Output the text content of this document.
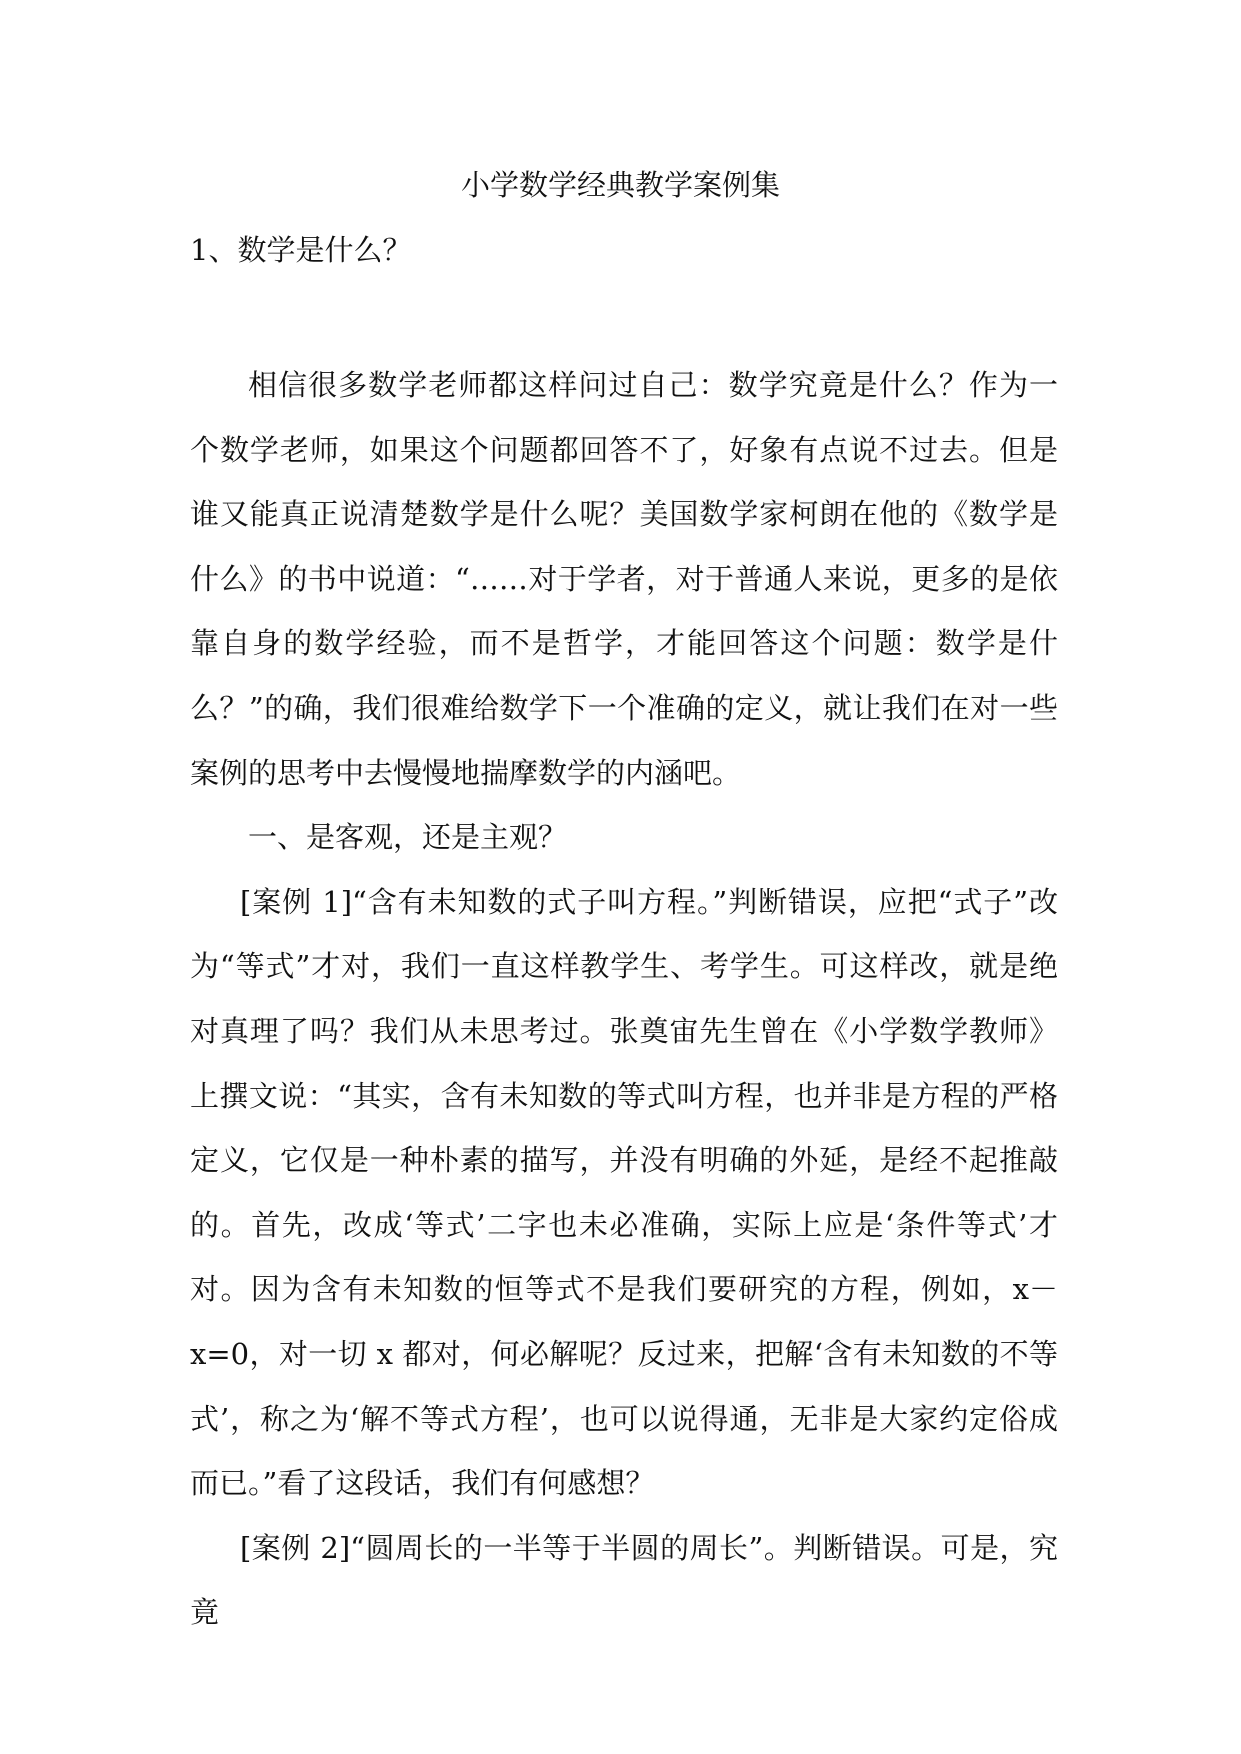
小学数学经典教学案例集
1、数学是什么？

相信很多数学老师都这样问过自己：数学究竟是什么？作为一个数学老师，如果这个问题都回答不了，好象有点说不过去。但是谁又能真正说清楚数学是什么呢？美国数学家柯朗在他的《数学是什么》的书中说道：“……对于学者，对于普通人来说，更多的是依靠自身的数学经验，而不是哲学，才能回答这个问题：数学是什么？”的确，我们很难给数学下一个准确的定义，就让我们在对一些案例的思考中去慢慢地揣摩数学的内涵吧。

一、是客观，还是主观？

[案例 1]“含有未知数的式子叫方程。”判断错误，应把“式子”改为“等式”才对，我们一直这样教学生、考学生。可这样改，就是绝对真理了吗？我们从未思考过。张奠宙先生曾在《小学数学教师》上撰文说：“其实，含有未知数的等式叫方程，也并非是方程的严格定义，它仅是一种朴素的描写，并没有明确的外延，是经不起推敲的。首先，改成‘等式’二字也未必准确，实际上应是‘条件等式’才对。因为含有未知数的恒等式不是我们要研究的方程，例如，x－x=0，对一切 x 都对，何必解呢？反过来，把解‘含有未知数的不等式’，称之为‘解不等式方程’，也可以说得通，无非是大家约定俗成而已。”看了这段话，我们有何感想？

[案例 2]“圆周长的一半等于半圆的周长”。判断错误。可是，究竟
